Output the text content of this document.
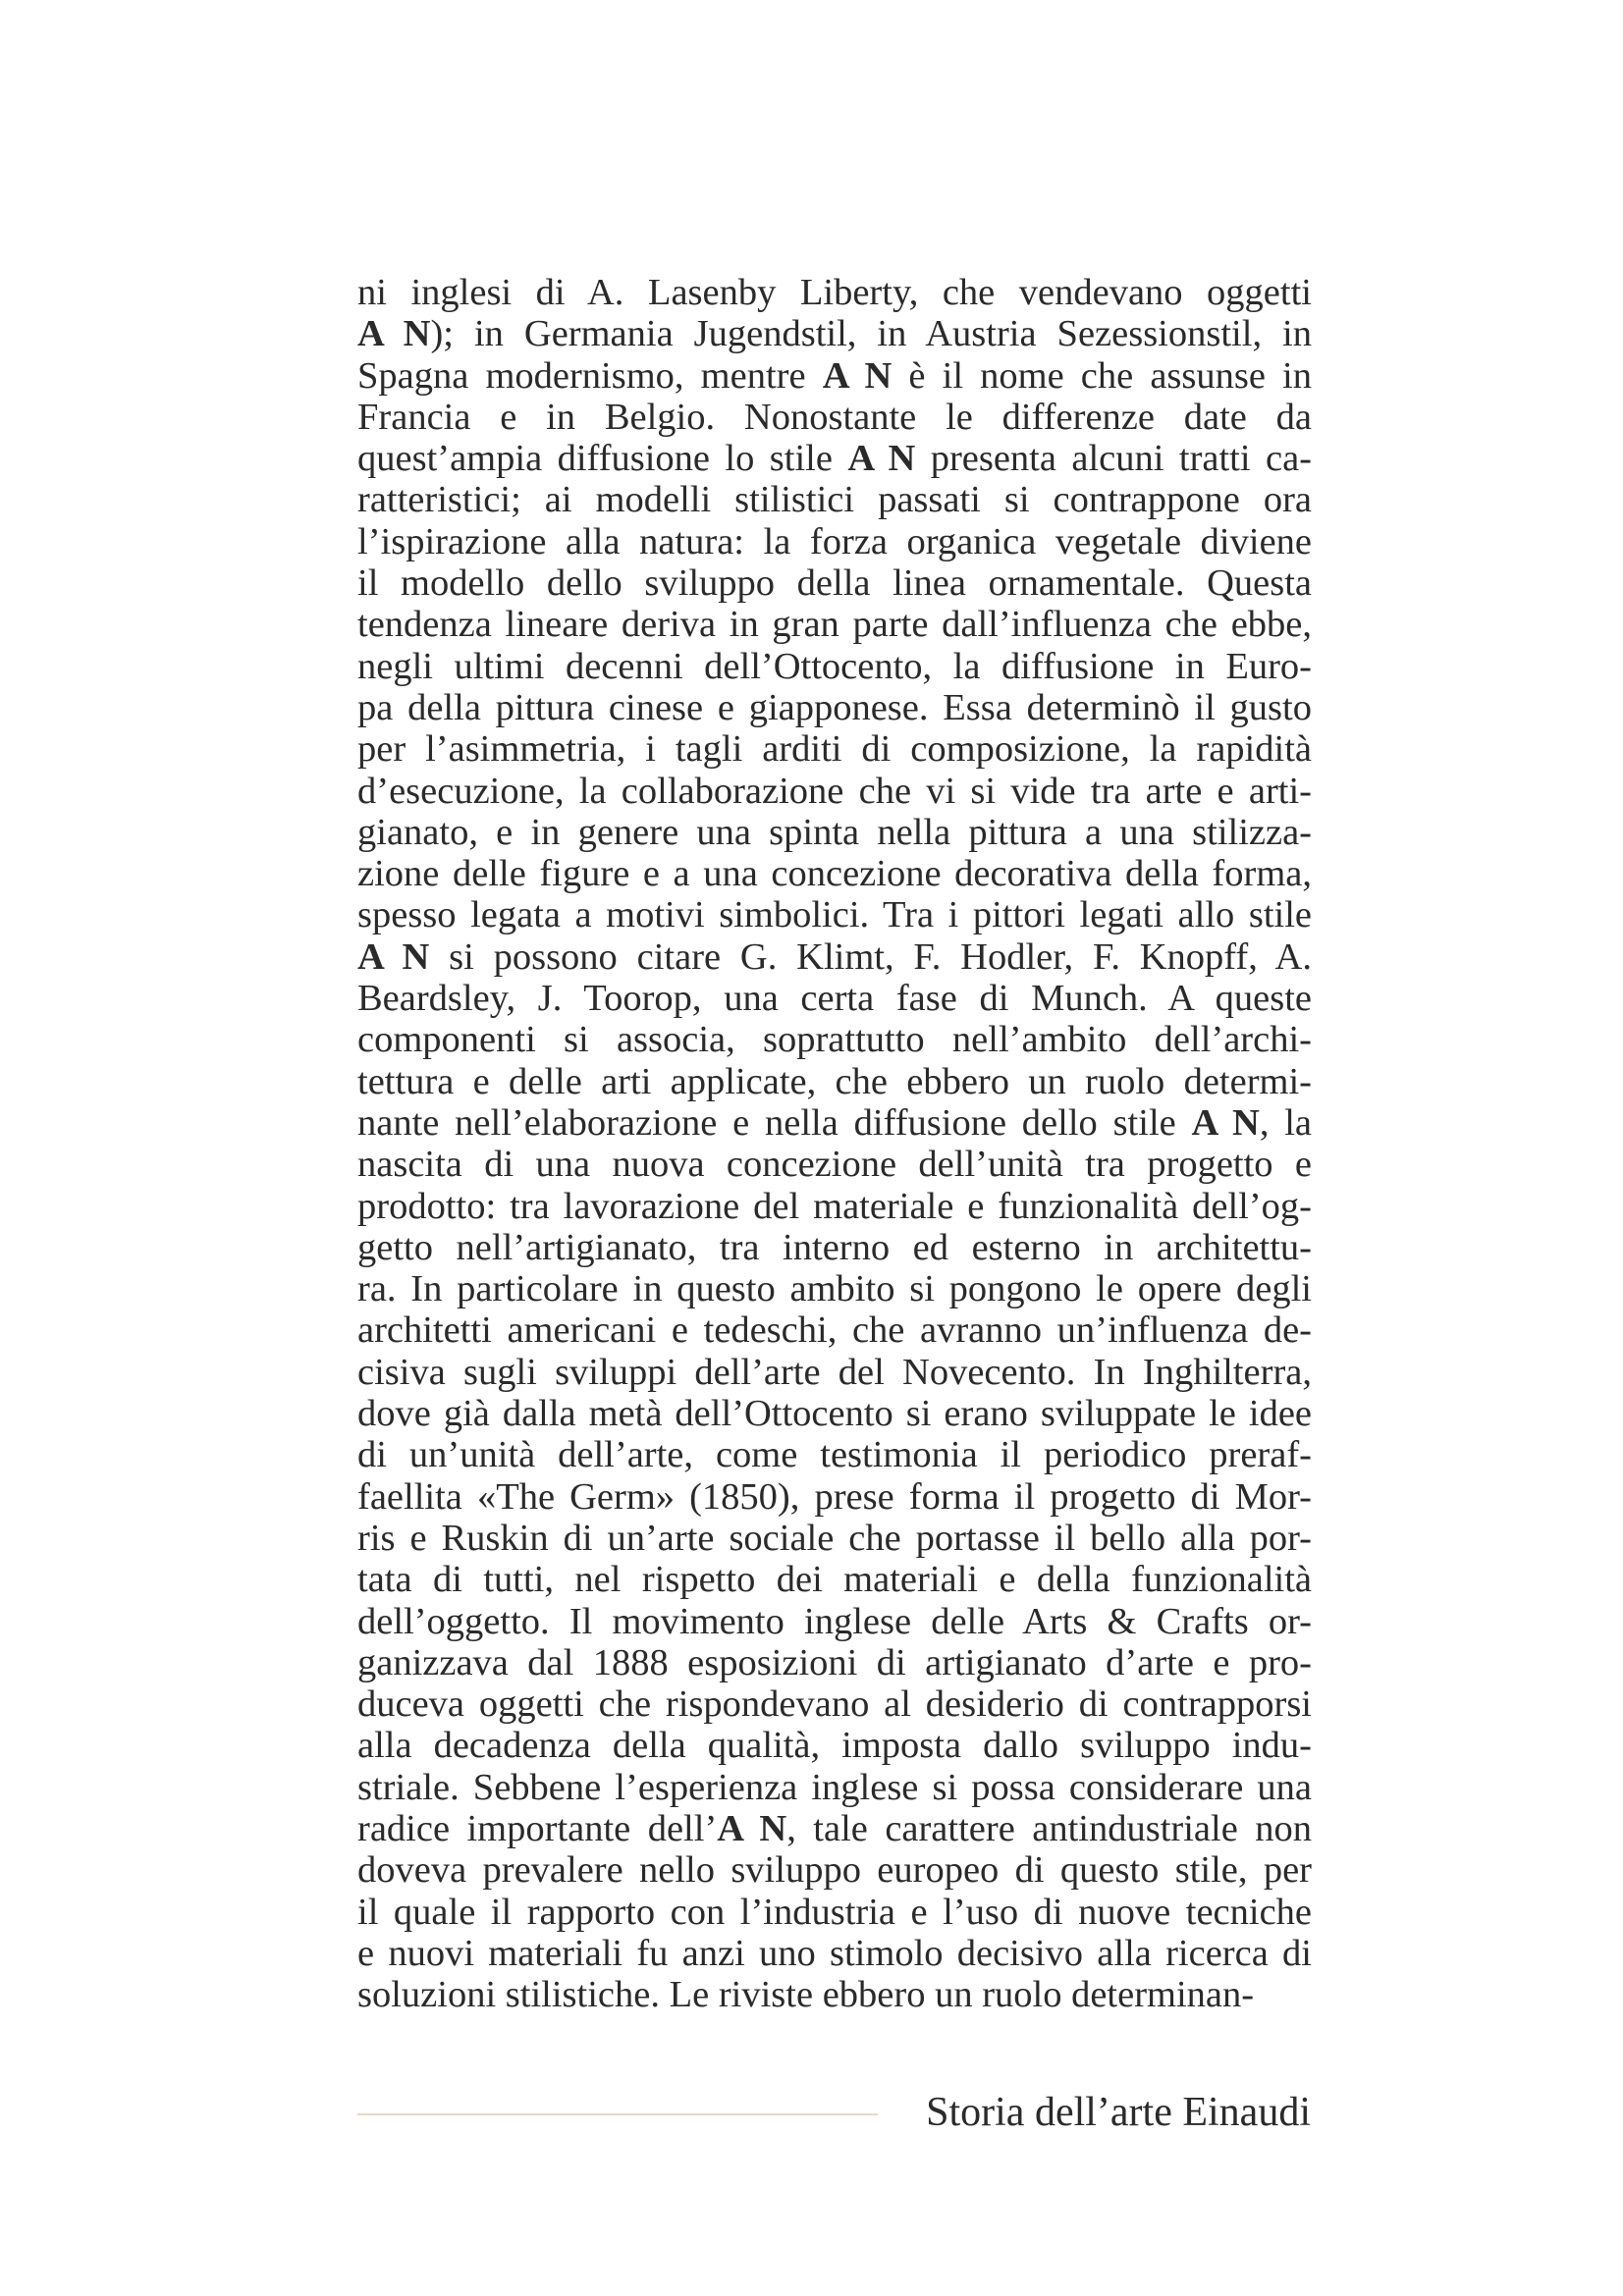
ni inglesi di A. Lasenby Liberty, che vendevano oggetti
A N); in Germania Jugendstil, in Austria Sezessionstil, in
Spagna modernismo, mentre A N è il nome che assunse in
Francia e in Belgio. Nonostante le differenze date da
quest’ampia diffusione lo stile A N presenta alcuni tratti ca-
ratteristici; ai modelli stilistici passati si contrappone ora
l’ispirazione alla natura: la forza organica vegetale diviene
il modello dello sviluppo della linea ornamentale. Questa
tendenza lineare deriva in gran parte dall’influenza che ebbe,
negli ultimi decenni dell’Ottocento, la diffusione in Euro-
pa della pittura cinese e giapponese. Essa determinò il gusto
per l’asimmetria, i tagli arditi di composizione, la rapidità
d’esecuzione, la collaborazione che vi si vide tra arte e arti-
gianato, e in genere una spinta nella pittura a una stilizza-
zione delle figure e a una concezione decorativa della forma,
spesso legata a motivi simbolici. Tra i pittori legati allo stile
A N si possono citare G. Klimt, F. Hodler, F. Knopff, A.
Beardsley, J. Toorop, una certa fase di Munch. A queste
componenti si associa, soprattutto nell’ambito dell’archi-
tettura e delle arti applicate, che ebbero un ruolo determi-
nante nell’elaborazione e nella diffusione dello stile A N, la
nascita di una nuova concezione dell’unità tra progetto e
prodotto: tra lavorazione del materiale e funzionalità dell’og-
getto nell’artigianato, tra interno ed esterno in architettu-
ra. In particolare in questo ambito si pongono le opere degli
architetti americani e tedeschi, che avranno un’influenza de-
cisiva sugli sviluppi dell’arte del Novecento. In Inghilterra,
dove già dalla metà dell’Ottocento si erano sviluppate le idee
di un’unità dell’arte, come testimonia il periodico preraf-
faellita «The Germ» (1850), prese forma il progetto di Mor-
ris e Ruskin di un’arte sociale che portasse il bello alla por-
tata di tutti, nel rispetto dei materiali e della funzionalità
dell’oggetto. Il movimento inglese delle Arts & Crafts or-
ganizzava dal 1888 esposizioni di artigianato d’arte e pro-
duceva oggetti che rispondevano al desiderio di contrapporsi
alla decadenza della qualità, imposta dallo sviluppo indu-
striale. Sebbene l’esperienza inglese si possa considerare una
radice importante dell’A N, tale carattere antindustriale non
doveva prevalere nello sviluppo europeo di questo stile, per
il quale il rapporto con l’industria e l’uso di nuove tecniche
e nuovi materiali fu anzi uno stimolo decisivo alla ricerca di
soluzioni stilistiche. Le riviste ebbero un ruolo determinan-
Storia dell’arte Einaudi
